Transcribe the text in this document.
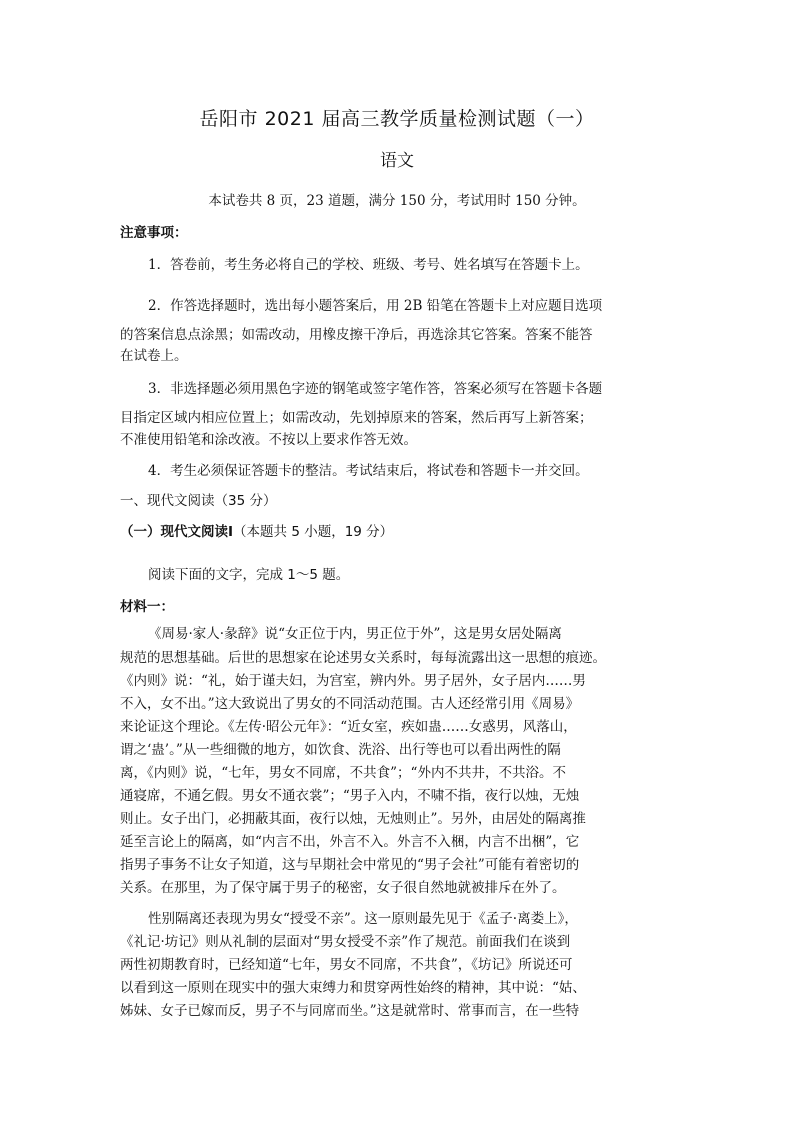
岳阳市 2021 届高三教学质量检测试题（一）
语文
本试卷共 8 页，23 道题，满分 150 分，考试用时 150 分钟。
注意事项：
1．答卷前，考生务必将自己的学校、班级、考号、姓名填写在答题卡上。
2．作答选择题时，选出每小题答案后，用 2B 铅笔在答题卡上对应题目选项
的答案信息点涂黑；如需改动，用橡皮擦干净后，再选涂其它答案。答案不能答
在试卷上。
3．非选择题必须用黑色字迹的钢笔或签字笔作答，答案必须写在答题卡各题
目指定区域内相应位置上；如需改动，先划掉原来的答案，然后再写上新答案；
不准使用铅笔和涂改液。不按以上要求作答无效。
4．考生必须保证答题卡的整洁。考试结束后，将试卷和答题卡一并交回。
一、现代文阅读（35 分）
（一）现代文阅读Ⅰ（本题共 5 小题，19 分）
阅读下面的文字，完成 1～5 题。
材料一：
《周易·家人·彖辞》说“女正位于内，男正位于外”，这是男女居处隔离
规范的思想基础。后世的思想家在论述男女关系时，每每流露出这一思想的痕迹。
《内则》说：“礼，始于谨夫妇，为宫室，辨内外。男子居外，女子居内……男
不入，女不出。”这大致说出了男女的不同活动范围。古人还经常引用《周易》
来论证这个理论。《左传·昭公元年》：“近女室，疾如蛊……女惑男，风落山，
谓之‘蛊’。”从一些细微的地方，如饮食、洗浴、出行等也可以看出两性的隔
离，《内则》说，“七年，男女不同席，不共食”；“外内不共井，不共浴。不
通寝席，不通乞假。男女不通衣裳”；“男子入内，不啸不指，夜行以烛，无烛
则止。女子出门，必拥蔽其面，夜行以烛，无烛则止”。另外，由居处的隔离推
延至言论上的隔离，如“内言不出，外言不入。外言不入梱，内言不出梱”，它
指男子事务不让女子知道，这与早期社会中常见的“男子会社”可能有着密切的
关系。在那里，为了保守属于男子的秘密，女子很自然地就被排斥在外了。
性别隔离还表现为男女“授受不亲”。这一原则最先见于《孟子·离娄上》，
《礼记·坊记》则从礼制的层面对“男女授受不亲”作了规范。前面我们在谈到
两性初期教育时，已经知道“七年，男女不同席，不共食”，《坊记》所说还可
以看到这一原则在现实中的强大束缚力和贯穿两性始终的精神，其中说：“姑、
姊妹、女子已嫁而反，男子不与同席而坐。”这是就常时、常事而言，在一些特
